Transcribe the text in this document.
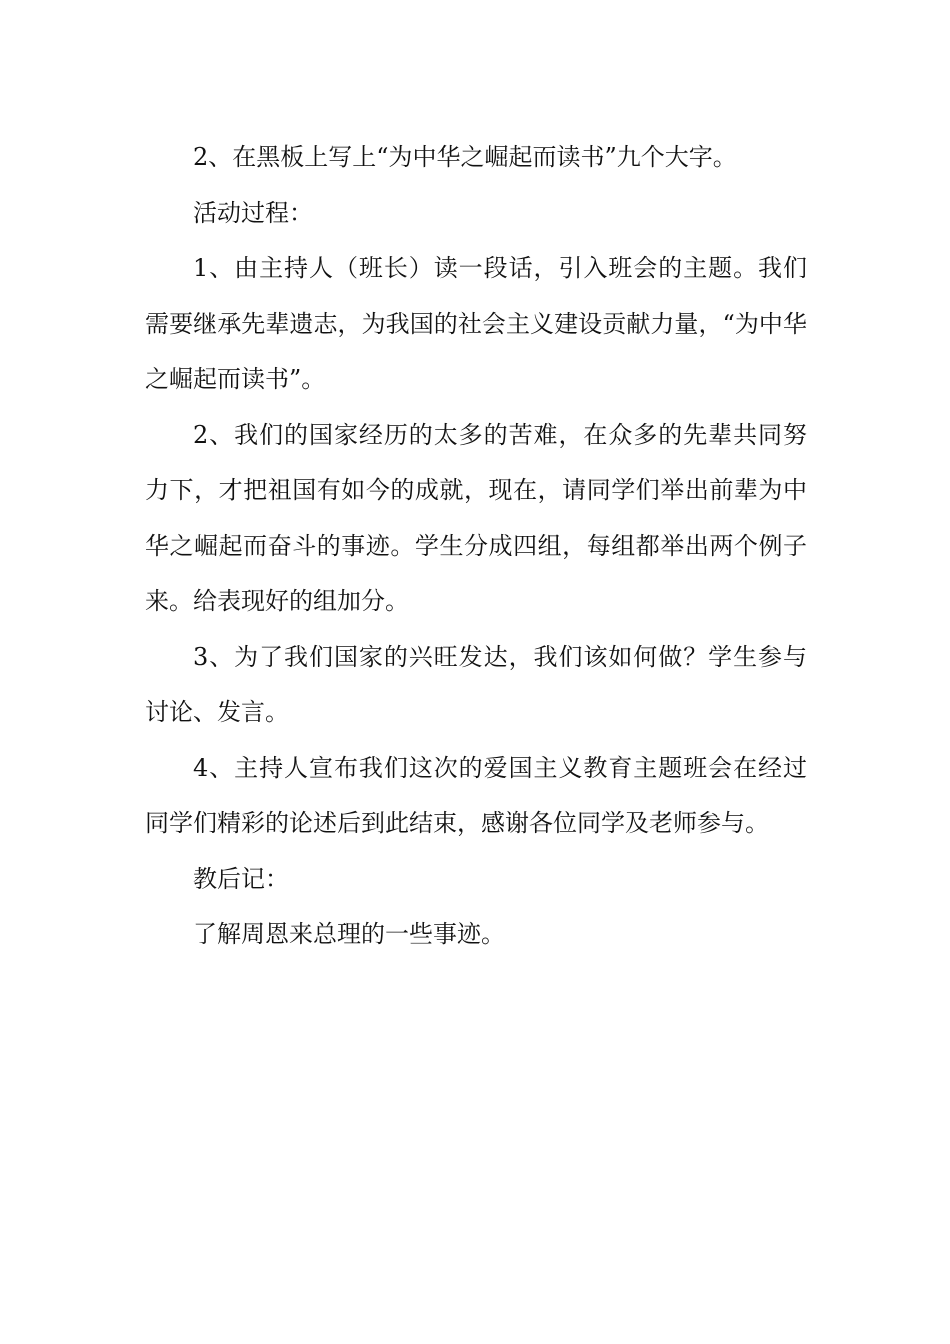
2、在黑板上写上“为中华之崛起而读书”九个大字。

活动过程：

1、由主持人（班长）读一段话，引入班会的主题。我们需要继承先辈遗志，为我国的社会主义建设贡献力量，“为中华之崛起而读书”。

2、我们的国家经历的太多的苦难，在众多的先辈共同努力下，才把祖国有如今的成就，现在，请同学们举出前辈为中华之崛起而奋斗的事迹。学生分成四组，每组都举出两个例子来。给表现好的组加分。

3、为了我们国家的兴旺发达，我们该如何做？学生参与讨论、发言。

4、主持人宣布我们这次的爱国主义教育主题班会在经过同学们精彩的论述后到此结束，感谢各位同学及老师参与。

教后记：

了解周恩来总理的一些事迹。
